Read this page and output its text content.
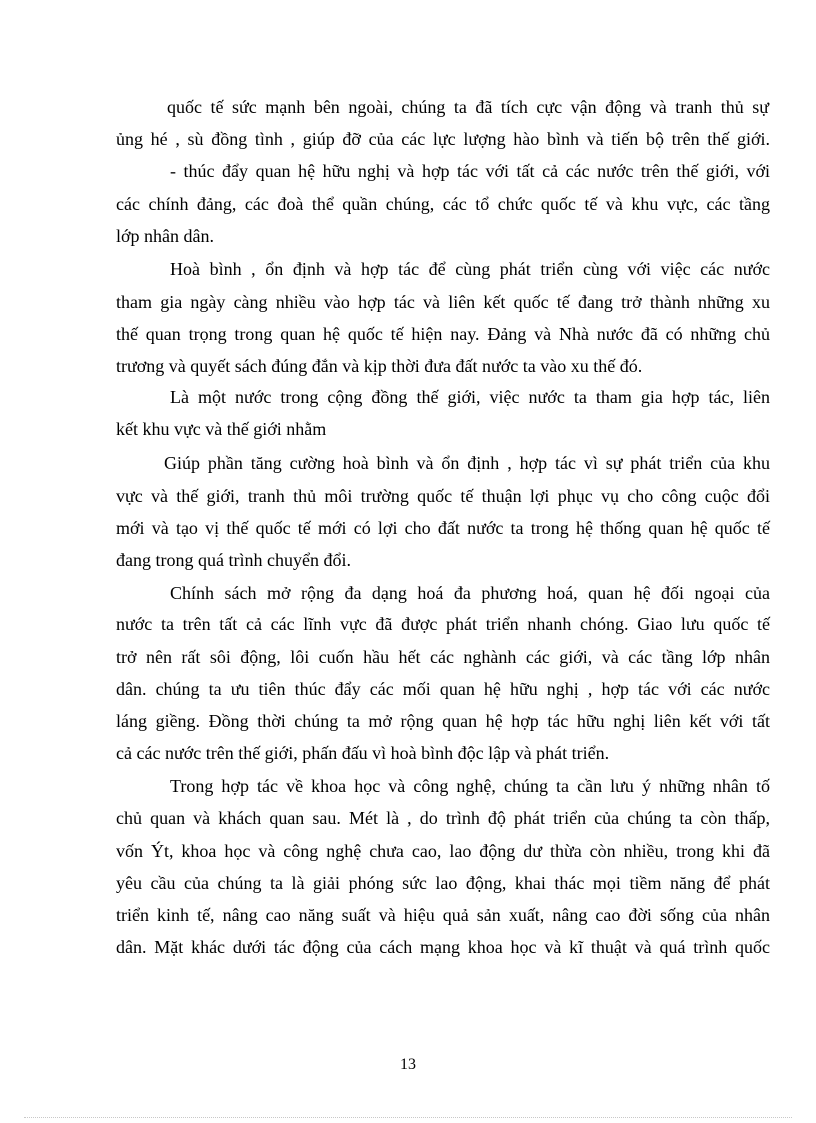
quốc tế sức mạnh bên ngoài, chúng ta đã tích cực vận động và tranh thủ sự
ủng hé , sù đồng tình , giúp đỡ của các lực lượng hào bình và tiến bộ trên thế giới.
- thúc đẩy quan hệ hữu nghị và hợp tác với tất cả các nước trên thế giới, với
các chính đảng, các đoà thể quần chúng, các tổ chức quốc tế và khu vực, các tầng
lớp nhân dân.
Hoà bình , ổn định và hợp tác để cùng phát triển cùng với việc các nước
tham gia ngày càng nhiều vào hợp tác và liên kết quốc tế đang trở thành những xu
thế quan trọng trong quan hệ quốc tế hiện nay. Đảng và Nhà nước đã có những chủ
trương và quyết sách đúng đắn và kịp thời đưa đất nước ta vào xu thế đó.
Là một nước trong cộng đồng thế giới, việc nước ta tham gia hợp tác, liên
kết khu vực và thế giới nhằm
Giúp phần tăng cường hoà bình và ổn định , hợp tác vì sự phát triển của khu
vực và thế giới, tranh thủ môi trường quốc tế thuận lợi phục vụ cho công cuộc đổi
mới và tạo vị thế quốc tế mới có lợi cho đất nước ta trong hệ thống quan hệ quốc tế
đang trong quá trình chuyển đổi.
Chính sách mở rộng đa dạng hoá đa phương hoá, quan hệ đối ngoại của
nước ta trên tất cả các lĩnh vực đã được phát triển nhanh chóng. Giao lưu quốc tế
trở nên rất sôi động, lôi cuốn hầu hết các nghành các giới, và các tầng lớp nhân
dân. chúng ta ưu tiên thúc đẩy các mối quan hệ hữu nghị , hợp tác với các nước
láng giềng. Đồng thời chúng ta mở rộng quan hệ hợp tác hữu nghị liên kết với tất
cả các nước trên thế giới, phấn đấu vì hoà bình độc lập và phát triển.
Trong hợp tác về khoa học và công nghệ, chúng ta cần lưu ý những nhân tố
chủ quan và khách quan sau. Mét là , do trình độ phát triển của chúng ta còn thấp,
vốn Ýt, khoa học và công nghệ chưa cao, lao động dư thừa còn nhiều, trong khi đã
yêu cầu của chúng ta là giải phóng sức lao động, khai thác mọi tiềm năng để phát
triển kinh tế, nâng cao năng suất và hiệu quả sản xuất, nâng cao đời sống của nhân
dân. Mặt khác dưới tác động của cách mạng khoa học và kĩ thuật và quá trình quốc
13
